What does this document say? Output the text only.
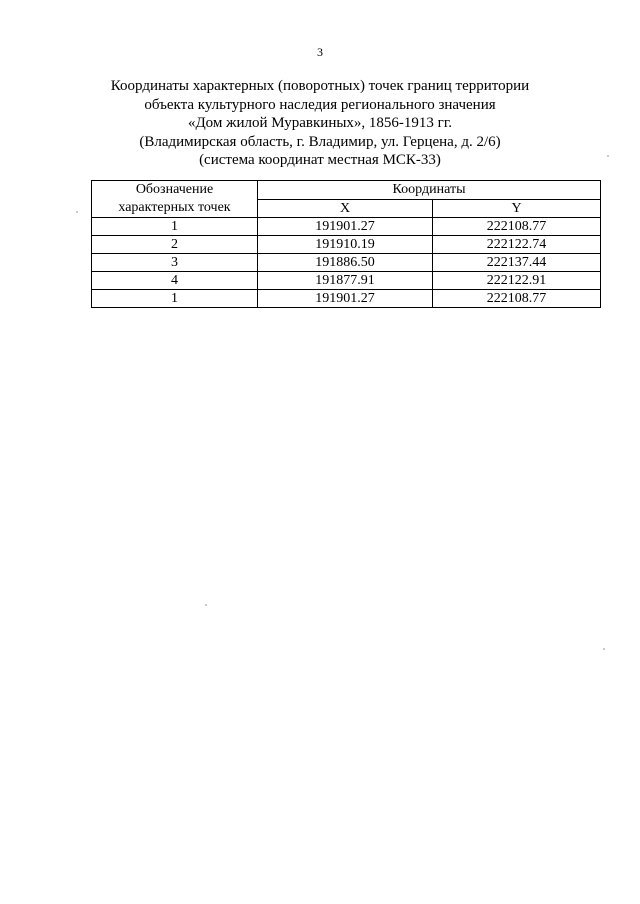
3
Координаты характерных (поворотных) точек границ территории
объекта культурного наследия регионального значения
«Дом жилой Муравкиных», 1856-1913 гг.
(Владимирская область, г. Владимир, ул. Герцена, д. 2/6)
(система координат местная МСК-33)
Обозначение
характерных точек	Координаты	
	X	Y
1	191901.27	222108.77
2	191910.19	222122.74
3	191886.50	222137.44
4	191877.91	222122.91
1	191901.27	222108.77
